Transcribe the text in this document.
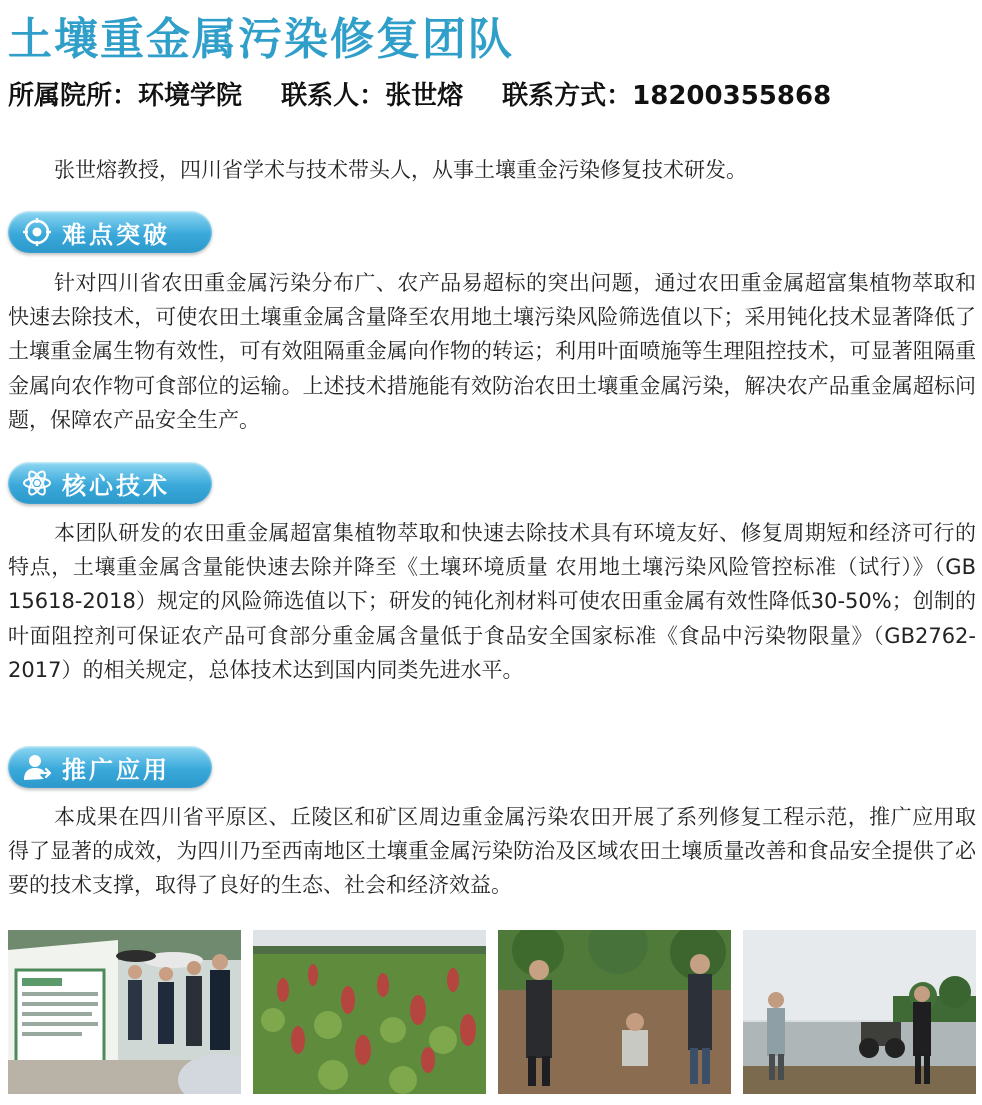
土壤重金属污染修复团队
所属院所：环境学院 联系人：张世熔 联系方式：18200355868

张世熔教授，四川省学术与技术带头人，从事土壤重金污染修复技术研发。

难点突破

针对四川省农田重金属污染分布广、农产品易超标的突出问题，通过农田重金属超富集植物萃取和快速去除技术，可使农田土壤重金属含量降至农用地土壤污染风险筛选值以下；采用钝化技术显著降低了土壤重金属生物有效性，可有效阻隔重金属向作物的转运；利用叶面喷施等生理阻控技术，可显著阻隔重金属向农作物可食部位的运输。上述技术措施能有效防治农田土壤重金属污染，解决农产品重金属超标问题，保障农产品安全生产。

核心技术

本团队研发的农田重金属超富集植物萃取和快速去除技术具有环境友好、修复周期短和经济可行的特点，土壤重金属含量能快速去除并降至《土壤环境质量 农用地土壤污染风险管控标准（试行）》（GB 15618-2018）规定的风险筛选值以下；研发的钝化剂材料可使农田重金属有效性降低30-50%；创制的叶面阻控剂可保证农产品可食部分重金属含量低于食品安全国家标准《食品中污染物限量》（GB2762-2017）的相关规定，总体技术达到国内同类先进水平。

推广应用

本成果在四川省平原区、丘陵区和矿区周边重金属污染农田开展了系列修复工程示范，推广应用取得了显著的成效，为四川乃至西南地区土壤重金属污染防治及区域农田土壤质量改善和食品安全提供了必要的技术支撑，取得了良好的生态、社会和经济效益。
